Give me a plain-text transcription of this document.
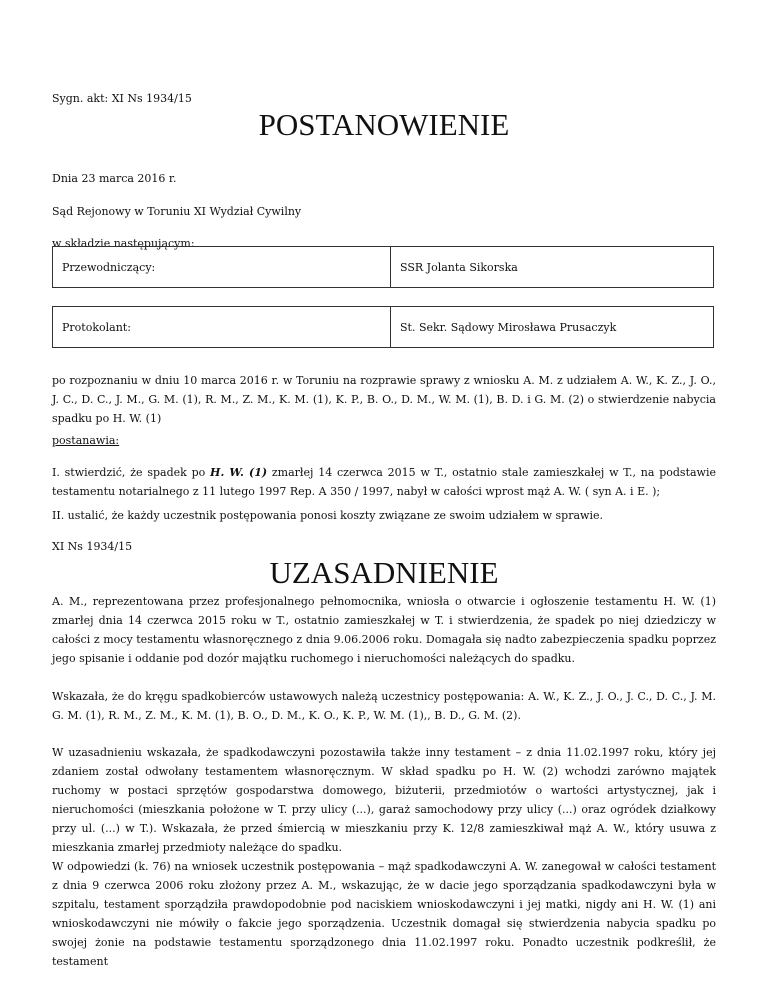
Sygn. akt: XI Ns 1934/15
POSTANOWIENIE
Dnia 23 marca 2016 r.
Sąd Rejonowy w Toruniu XI Wydział Cywilny
w składzie następującym:
Przewodniczący:	SSR Jolanta Sikorska
Protokolant:	St. Sekr. Sądowy Mirosława Prusaczyk

po rozpoznaniu w dniu 10 marca 2016 r. w Toruniu na rozprawie sprawy z wniosku A. M. z udziałem A. W., K. Z., J. O., J. C., D. C., J. M., G. M. (1), R. M., Z. M., K. M. (1), K. P., B. O., D. M., W. M. (1), B. D. i G. M. (2) o stwierdzenie nabycia spadku po H. W. (1)

postanawia:

I. stwierdzić, że spadek po H. W. (1) zmarłej 14 czerwca 2015 w T., ostatnio stale zamieszkałej w T., na podstawie testamentu notarialnego z 11 lutego 1997 Rep. A 350 / 1997, nabył w całości wprost mąż A. W. ( syn A. i E. );

II. ustalić, że każdy uczestnik postępowania ponosi koszty związane ze swoim udziałem w sprawie.

XI Ns 1934/15

UZASADNIENIE

A. M., reprezentowana przez profesjonalnego pełnomocnika, wniosła o otwarcie i ogłoszenie testamentu H. W. (1) zmarłej dnia 14 czerwca 2015 roku w T., ostatnio zamieszkałej w T. i stwierdzenia, że spadek po niej dziedziczy w całości z mocy testamentu własnoręcznego z dnia 9.06.2006 roku. Domagała się nadto zabezpieczenia spadku poprzez jego spisanie i oddanie pod dozór majątku ruchomego i nieruchomości należących do spadku.

Wskazała, że do kręgu spadkobierców ustawowych należą uczestnicy postępowania: A. W., K. Z., J. O., J. C., D. C., J. M. G. M. (1), R. M., Z. M., K. M. (1), B. O., D. M., K. O., K. P., W. M. (1),, B. D., G. M. (2).

W uzasadnieniu wskazała, że spadkodawczyni pozostawiła także inny testament – z dnia 11.02.1997 roku, który jej zdaniem został odwołany testamentem własnoręcznym. W skład spadku po H. W. (2) wchodzi zarówno majątek ruchomy w postaci sprzętów gospodarstwa domowego, biżuterii, przedmiotów o wartości artystycznej, jak i nieruchomości (mieszkania położone w T. przy ulicy (...), garaż samochodowy przy ulicy (...) oraz ogródek działkowy przy ul. (...) w T.). Wskazała, że przed śmiercią w mieszkaniu przy K. 12/8 zamieszkiwał mąż A. W., który usuwa z mieszkania zmarłej przedmioty należące do spadku.

W odpowiedzi (k. 76) na wniosek uczestnik postępowania – mąż spadkodawczyni A. W. zanegował w całości testament z dnia 9 czerwca 2006 roku złożony przez A. M., wskazując, że w dacie jego sporządzania spadkodawczyni była w szpitalu, testament sporządziła prawdopodobnie pod naciskiem wnioskodawczyni i jej matki, nigdy ani H. W. (1) ani wnioskodawczyni nie mówiły o fakcie jego sporządzenia. Uczestnik domagał się stwierdzenia nabycia spadku po swojej żonie na podstawie testamentu sporządzonego dnia 11.02.1997 roku. Ponadto uczestnik podkreślił, że testament
